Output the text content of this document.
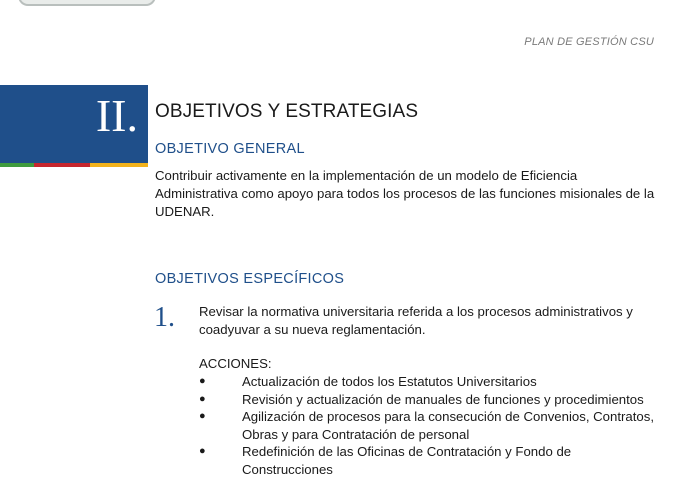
PLAN DE GESTIÓN CSU
II. OBJETIVOS Y ESTRATEGIAS
OBJETIVO GENERAL
Contribuir activamente en la implementación de un modelo de Eficiencia Administrativa como apoyo para todos los procesos de las funciones misionales de la UDENAR.
OBJETIVOS ESPECÍFICOS
1. Revisar la normativa universitaria referida a los procesos administrativos y coadyuvar a su nueva reglamentación.
ACCIONES:
●	Actualización de todos los Estatutos Universitarios
●	Revisión y actualización de manuales de funciones y procedimientos
●	Agilización de procesos para la consecución de Convenios, Contratos, Obras y para Contratación de personal
●	Redefinición de las Oficinas de Contratación y Fondo de Construcciones
